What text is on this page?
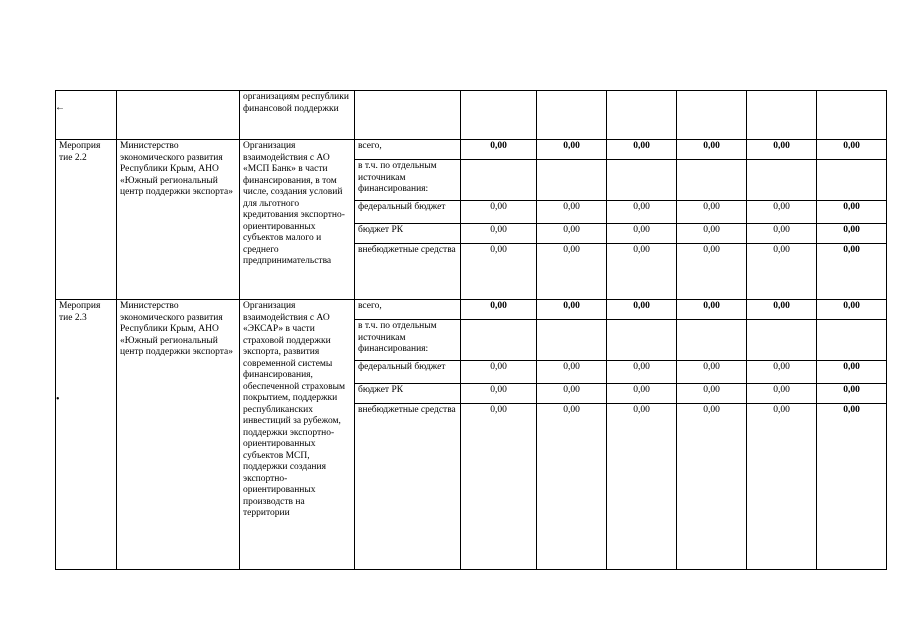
←
•
		организациям республики финансовой поддержки							
Мероприя тие 2.2	Министерство экономического развития Республики Крым, АНО «Южный региональный центр поддержки экспорта»	Организация взаимодействия с АО «МСП Банк» в части финансирования, в том числе, создания условий для льготного кредитования экспортно-ориентированных субъектов малого и среднего предпринимательства	всего,	0,00	0,00	0,00	0,00	0,00	0,00
			в т.ч. по отдельным источникам финансирования:						
			федеральный бюджет	0,00	0,00	0,00	0,00	0,00	0,00
			бюджет РК	0,00	0,00	0,00	0,00	0,00	0,00
			внебюджетные средства	0,00	0,00	0,00	0,00	0,00	0,00
Мероприя тие 2.3	Министерство экономического развития Республики Крым, АНО «Южный региональный центр поддержки экспорта»	Организация взаимодействия с АО «ЭКСАР» в части страховой поддержки экспорта, развития современной системы финансирования, обеспеченной страховым покрытием, поддержки республиканских инвестиций за рубежом, поддержки экспортно-ориентированных субъектов МСП, поддержки создания экспортно-ориентированных производств на территории	всего,	0,00	0,00	0,00	0,00	0,00	0,00
			в т.ч. по отдельным источникам финансирования:						
			федеральный бюджет	0,00	0,00	0,00	0,00	0,00	0,00
			бюджет РК	0,00	0,00	0,00	0,00	0,00	0,00
			внебюджетные средства	0,00	0,00	0,00	0,00	0,00	0,00
